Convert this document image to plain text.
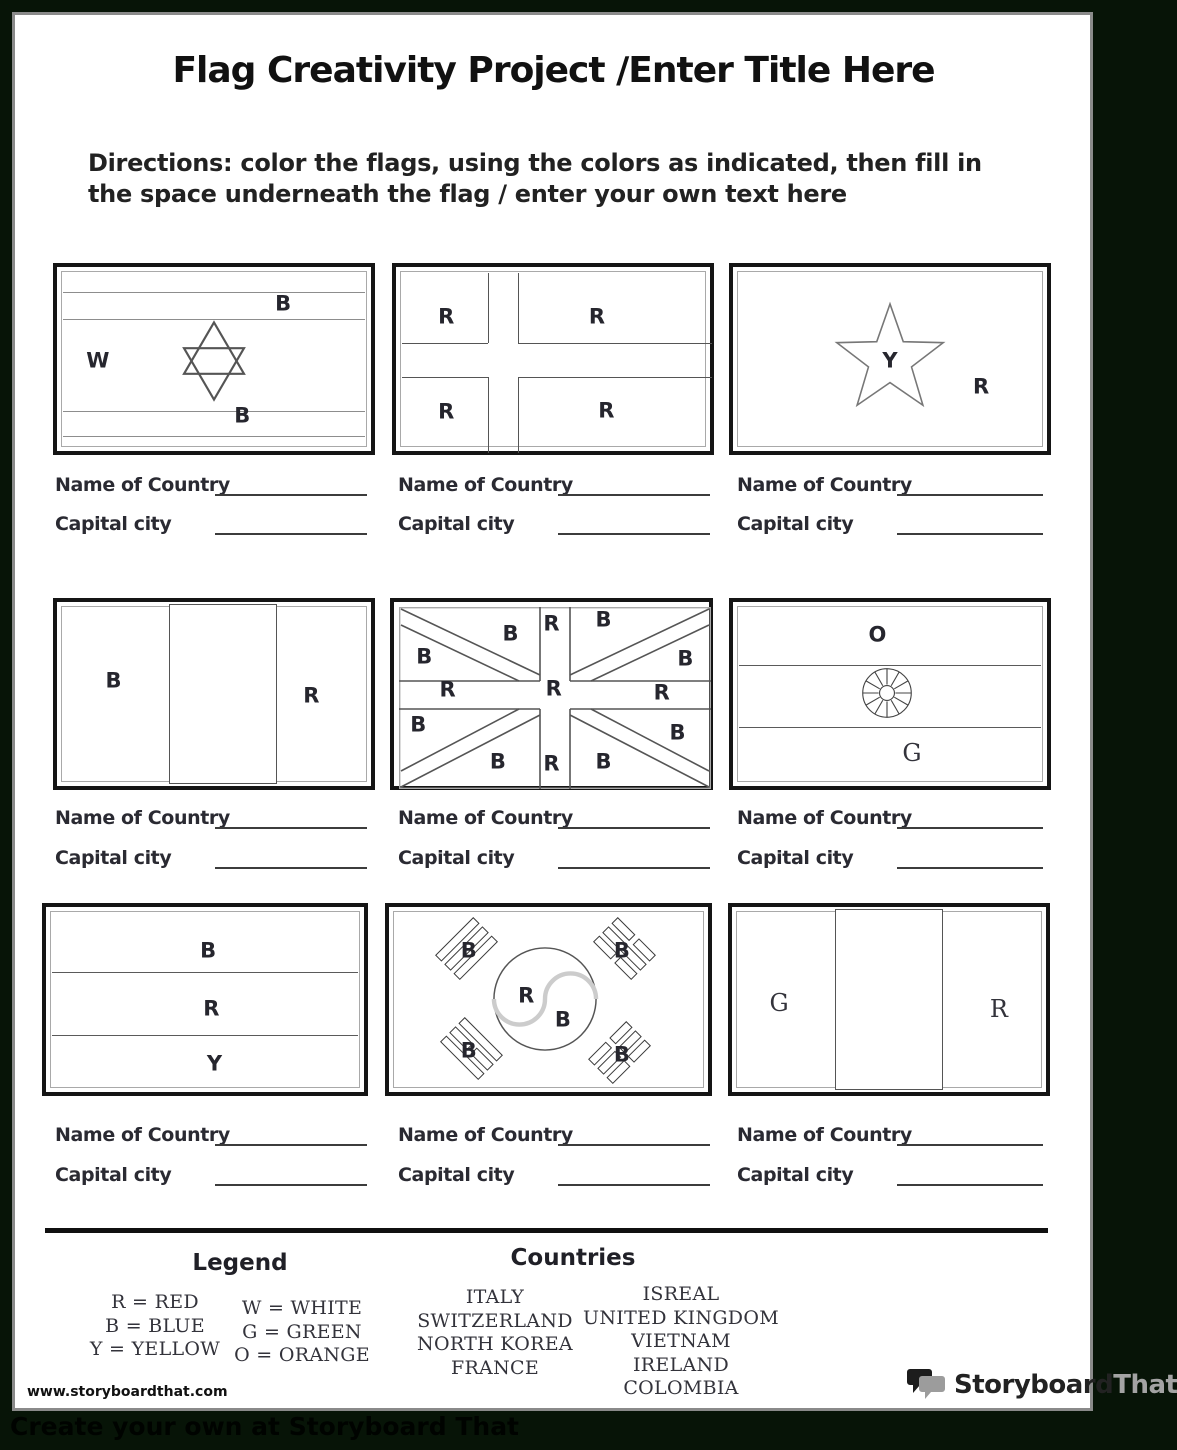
Flag Creativity Project /Enter Title Here
Directions: color the flags, using the colors as indicated, then fill in the space underneath the flag / enter your own text here
B
W
B
R	R
R	R
Y
R
Name of Country
Capital city
Name of Country
Capital city
Name of Country
Capital city
B
R
B R B
B	B
R	R	R
B	B
B R B
O
G
Name of Country
Capital city
Name of Country
Capital city
Name of Country
Capital city
B
R
Y
R
B
B	B
B	B
G	R
Name of Country
Capital city
Name of Country
Capital city
Name of Country
Capital city
Legend
R = RED
B = BLUE
Y = YELLOW
W = WHITE
G = GREEN
O = ORANGE
Countries
ITALY
SWITZERLAND
NORTH KOREA
FRANCE
ISREAL
UNITED KINGDOM
VIETNAM
IRELAND
COLOMBIA
www.storyboardthat.com	StoryboardThat
Create your own at Storyboard That
